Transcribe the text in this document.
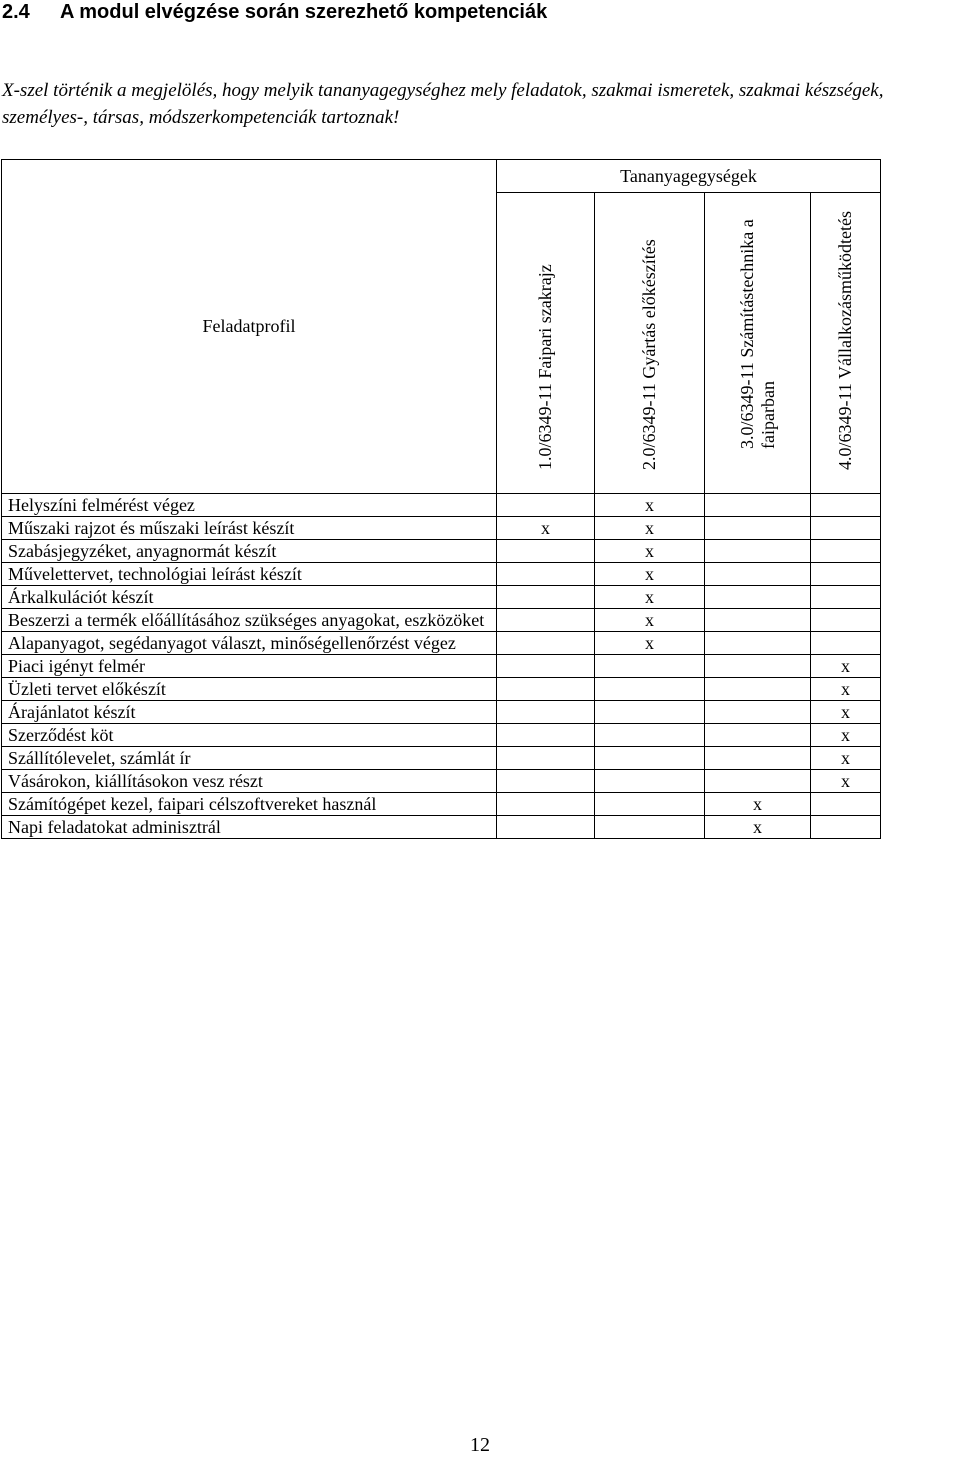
2.4 A modul elvégzése során szerezhető kompetenciák
X-szel történik a megjelölés, hogy melyik tananyagegységhez mely feladatok, szakmai ismeretek, szakmai készségek, személyes-, társas, módszerkompetenciák tartoznak!
Feladatprofil	Tananyagegységek			

	1.0/6349-11 Faipari szakrajz	2.0/6349-11 Gyártás előkészítés	3.0/6349-11 Számítástechnika a faiparban	4.0/6349-11 Vállalkozásműködtetés

Helyszíni felmérést végez		x		
Műszaki rajzot és műszaki leírást készít	x	x		
Szabásjegyzéket, anyagnormát készít		x		
Művelettervet, technológiai leírást készít		x		
Árkalkulációt készít		x		
Beszerzi a termék előállításához szükséges anyagokat, eszközöket		x		
Alapanyagot, segédanyagot választ, minőségellenőrzést végez		x		
Piaci igényt felmér				x
Üzleti tervet előkészít				x
Árajánlatot készít				x
Szerződést köt				x
Szállítólevelet, számlát ír				x
Vásárokon, kiállításokon vesz részt				x
Számítógépet kezel, faipari célszoftvereket használ			x	
Napi feladatokat adminisztrál			x	
12
